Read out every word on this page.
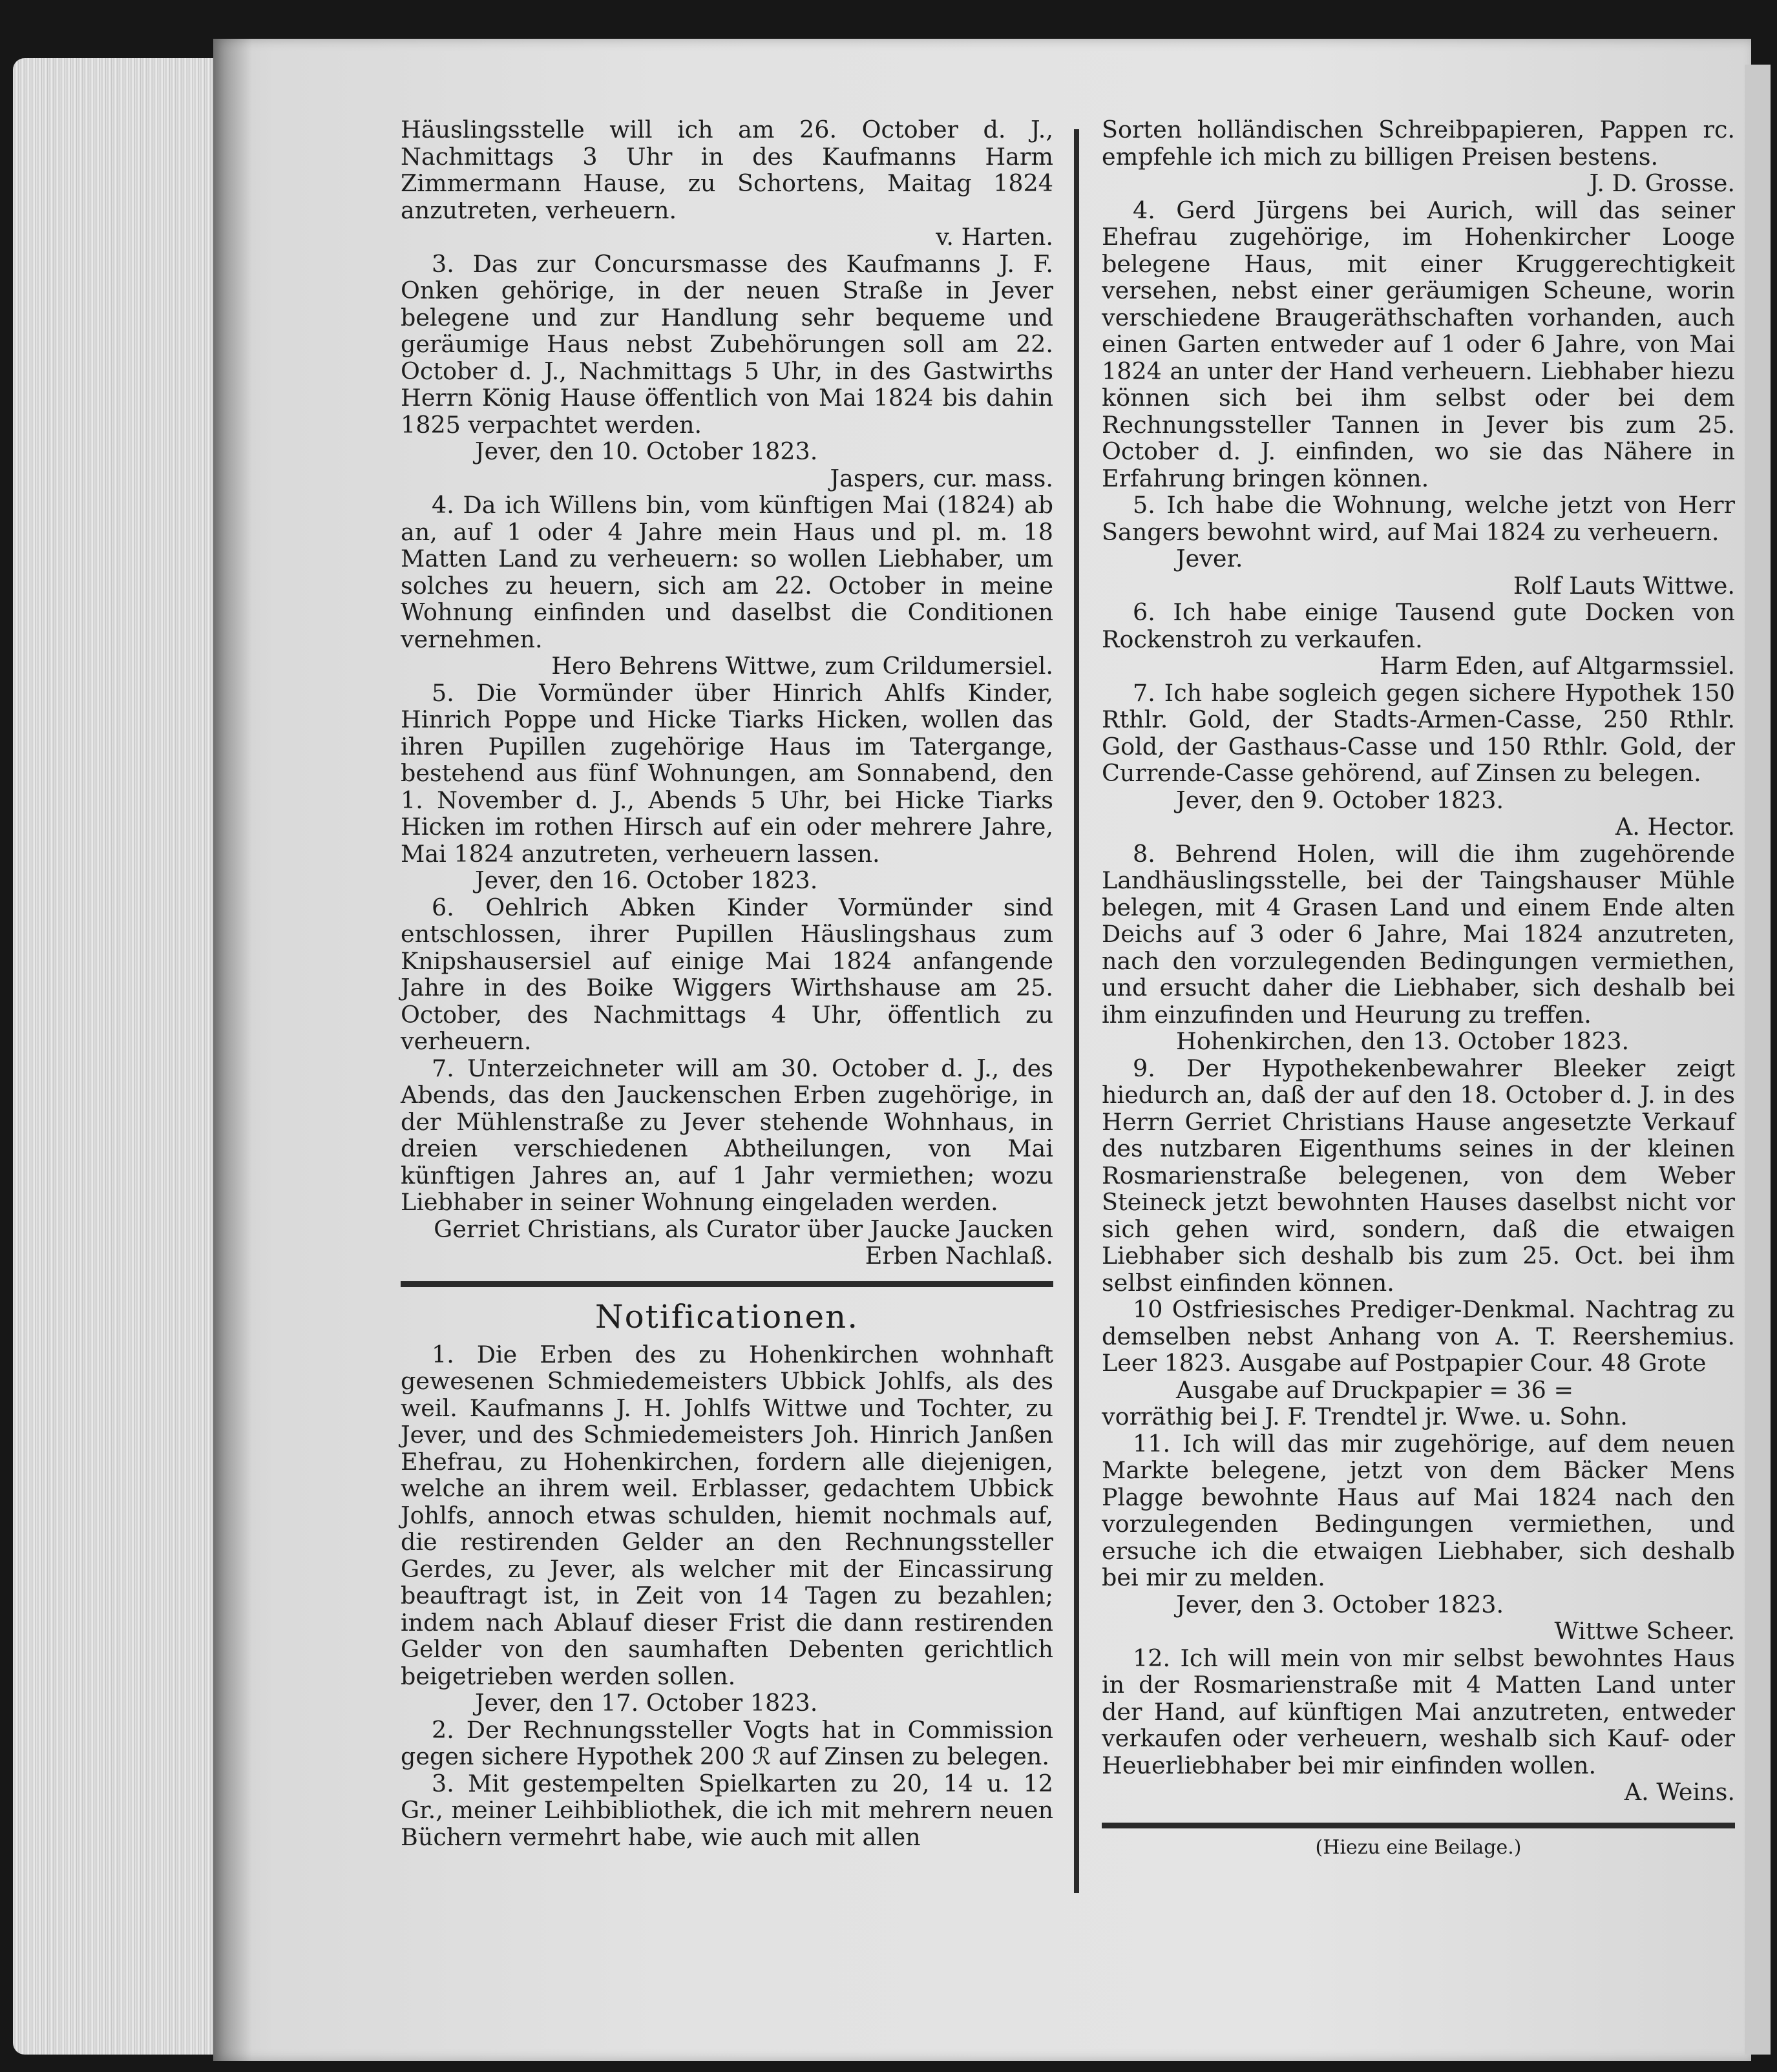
Häuslingsstelle will ich am 26. October d. J., Nachmittags 3 Uhr in des Kaufmanns Harm Zimmermann Hause, zu Schortens, Maitag 1824 anzutreten, verheuern.

v. Harten.

3. Das zur Concursmasse des Kaufmanns J. F. Onken gehörige, in der neuen Straße in Jever belegene und zur Handlung sehr bequeme und geräumige Haus nebst Zubehörungen soll am 22. October d. J., Nachmittags 5 Uhr, in des Gastwirths Herrn König Hause öffentlich von Mai 1824 bis dahin 1825 verpachtet werden.

Jever, den 10. October 1823.

Jaspers, cur. mass.

4. Da ich Willens bin, vom künftigen Mai (1824) ab an, auf 1 oder 4 Jahre mein Haus und pl. m. 18 Matten Land zu verheuern: so wollen Liebhaber, um solches zu heuern, sich am 22. October in meine Wohnung einfinden und daselbst die Conditionen vernehmen.

Hero Behrens Wittwe, zum Crildumersiel.

5. Die Vormünder über Hinrich Ahlfs Kinder, Hinrich Poppe und Hicke Tiarks Hicken, wollen das ihren Pupillen zugehörige Haus im Tatergange, bestehend aus fünf Wohnungen, am Sonnabend, den 1. November d. J., Abends 5 Uhr, bei Hicke Tiarks Hicken im rothen Hirsch auf ein oder mehrere Jahre, Mai 1824 anzutreten, verheuern lassen.

Jever, den 16. October 1823.

6. Oehlrich Abken Kinder Vormünder sind entschlossen, ihrer Pupillen Häuslingshaus zum Knipshausersiel auf einige Mai 1824 anfangende Jahre in des Boike Wiggers Wirthshause am 25. October, des Nachmittags 4 Uhr, öffentlich zu verheuern.

7. Unterzeichneter will am 30. October d. J., des Abends, das den Jauckenschen Erben zugehörige, in der Mühlenstraße zu Jever stehende Wohnhaus, in dreien verschiedenen Abtheilungen, von Mai künftigen Jahres an, auf 1 Jahr vermiethen; wozu Liebhaber in seiner Wohnung eingeladen werden.

Gerriet Christians, als Curator über Jaucke Jaucken Erben Nachlaß.

Notificationen.

1. Die Erben des zu Hohenkirchen wohnhaft gewesenen Schmiedemeisters Ubbick Johlfs, als des weil. Kaufmanns J. H. Johlfs Wittwe und Tochter, zu Jever, und des Schmiedemeisters Joh. Hinrich Janßen Ehefrau, zu Hohenkirchen, fordern alle diejenigen, welche an ihrem weil. Erblasser, gedachtem Ubbick Johlfs, annoch etwas schulden, hiemit nochmals auf, die restirenden Gelder an den Rechnungssteller Gerdes, zu Jever, als welcher mit der Eincassirung beauftragt ist, in Zeit von 14 Tagen zu bezahlen; indem nach Ablauf dieser Frist die dann restirenden Gelder von den saumhaften Debenten gerichtlich beigetrieben werden sollen.

Jever, den 17. October 1823.

2. Der Rechnungssteller Vogts hat in Commission gegen sichere Hypothek 200 ℛ auf Zinsen zu belegen.

3. Mit gestempelten Spielkarten zu 20, 14 u. 12 Gr., meiner Leihbibliothek, die ich mit mehrern neuen Büchern vermehrt habe, wie auch mit allen

Sorten holländischen Schreibpapieren, Pappen rc. empfehle ich mich zu billigen Preisen bestens.

J. D. Grosse.

4. Gerd Jürgens bei Aurich, will das seiner Ehefrau zugehörige, im Hohenkircher Looge belegene Haus, mit einer Kruggerechtigkeit versehen, nebst einer geräumigen Scheune, worin verschiedene Braugeräthschaften vorhanden, auch einen Garten entweder auf 1 oder 6 Jahre, von Mai 1824 an unter der Hand verheuern. Liebhaber hiezu können sich bei ihm selbst oder bei dem Rechnungssteller Tannen in Jever bis zum 25. October d. J. einfinden, wo sie das Nähere in Erfahrung bringen können.

5. Ich habe die Wohnung, welche jetzt von Herr Sangers bewohnt wird, auf Mai 1824 zu verheuern.

Jever.

Rolf Lauts Wittwe.

6. Ich habe einige Tausend gute Docken von Rockenstroh zu verkaufen.

Harm Eden, auf Altgarmssiel.

7. Ich habe sogleich gegen sichere Hypothek 150 Rthlr. Gold, der Stadts-Armen-Casse, 250 Rthlr. Gold, der Gasthaus-Casse und 150 Rthlr. Gold, der Currende-Casse gehörend, auf Zinsen zu belegen.

Jever, den 9. October 1823.

A. Hector.

8. Behrend Holen, will die ihm zugehörende Landhäuslingsstelle, bei der Taingshauser Mühle belegen, mit 4 Grasen Land und einem Ende alten Deichs auf 3 oder 6 Jahre, Mai 1824 anzutreten, nach den vorzulegenden Bedingungen vermiethen, und ersucht daher die Liebhaber, sich deshalb bei ihm einzufinden und Heurung zu treffen.

Hohenkirchen, den 13. October 1823.

9. Der Hypothekenbewahrer Bleeker zeigt hiedurch an, daß der auf den 18. October d. J. in des Herrn Gerriet Christians Hause angesetzte Verkauf des nutzbaren Eigenthums seines in der kleinen Rosmarienstraße belegenen, von dem Weber Steineck jetzt bewohnten Hauses daselbst nicht vor sich gehen wird, sondern, daß die etwaigen Liebhaber sich deshalb bis zum 25. Oct. bei ihm selbst einfinden können.

10 Ostfriesisches Prediger-Denkmal. Nachtrag zu demselben nebst Anhang von A. T. Reershemius. Leer 1823. Ausgabe auf Postpapier Cour. 48 Grote

Ausgabe auf Druckpapier = 36 =

vorräthig bei J. F. Trendtel jr. Wwe. u. Sohn.

11. Ich will das mir zugehörige, auf dem neuen Markte belegene, jetzt von dem Bäcker Mens Plagge bewohnte Haus auf Mai 1824 nach den vorzulegenden Bedingungen vermiethen, und ersuche ich die etwaigen Liebhaber, sich deshalb bei mir zu melden.

Jever, den 3. October 1823.

Wittwe Scheer.

12. Ich will mein von mir selbst bewohntes Haus in der Rosmarienstraße mit 4 Matten Land unter der Hand, auf künftigen Mai anzutreten, entweder verkaufen oder verheuern, weshalb sich Kauf- oder Heuerliebhaber bei mir einfinden wollen.

A. Weins.

(Hiezu eine Beilage.)
